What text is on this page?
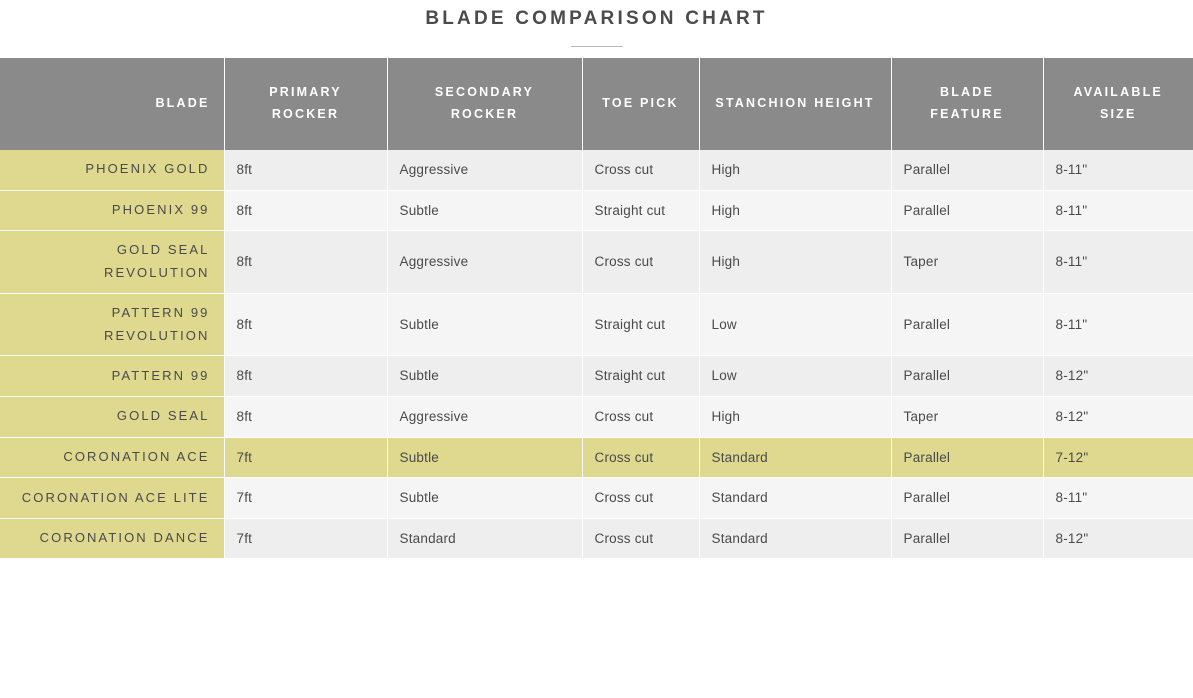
BLADE COMPARISON CHART
BLADE	PRIMARY ROCKER	SECONDARY ROCKER	TOE PICK	STANCHION HEIGHT	BLADE FEATURE	AVAILABLE SIZE
PHOENIX GOLD	8ft	Aggressive	Cross cut	High	Parallel	8-11"
PHOENIX 99	8ft	Subtle	Straight cut	High	Parallel	8-11"
GOLD SEAL REVOLUTION	8ft	Aggressive	Cross cut	High	Taper	8-11"
PATTERN 99 REVOLUTION	8ft	Subtle	Straight cut	Low	Parallel	8-11"
PATTERN 99	8ft	Subtle	Straight cut	Low	Parallel	8-12"
GOLD SEAL	8ft	Aggressive	Cross cut	High	Taper	8-12"
CORONATION ACE	7ft	Subtle	Cross cut	Standard	Parallel	7-12"
CORONATION ACE LITE	7ft	Subtle	Cross cut	Standard	Parallel	8-11"
CORONATION DANCE	7ft	Standard	Cross cut	Standard	Parallel	8-12"
